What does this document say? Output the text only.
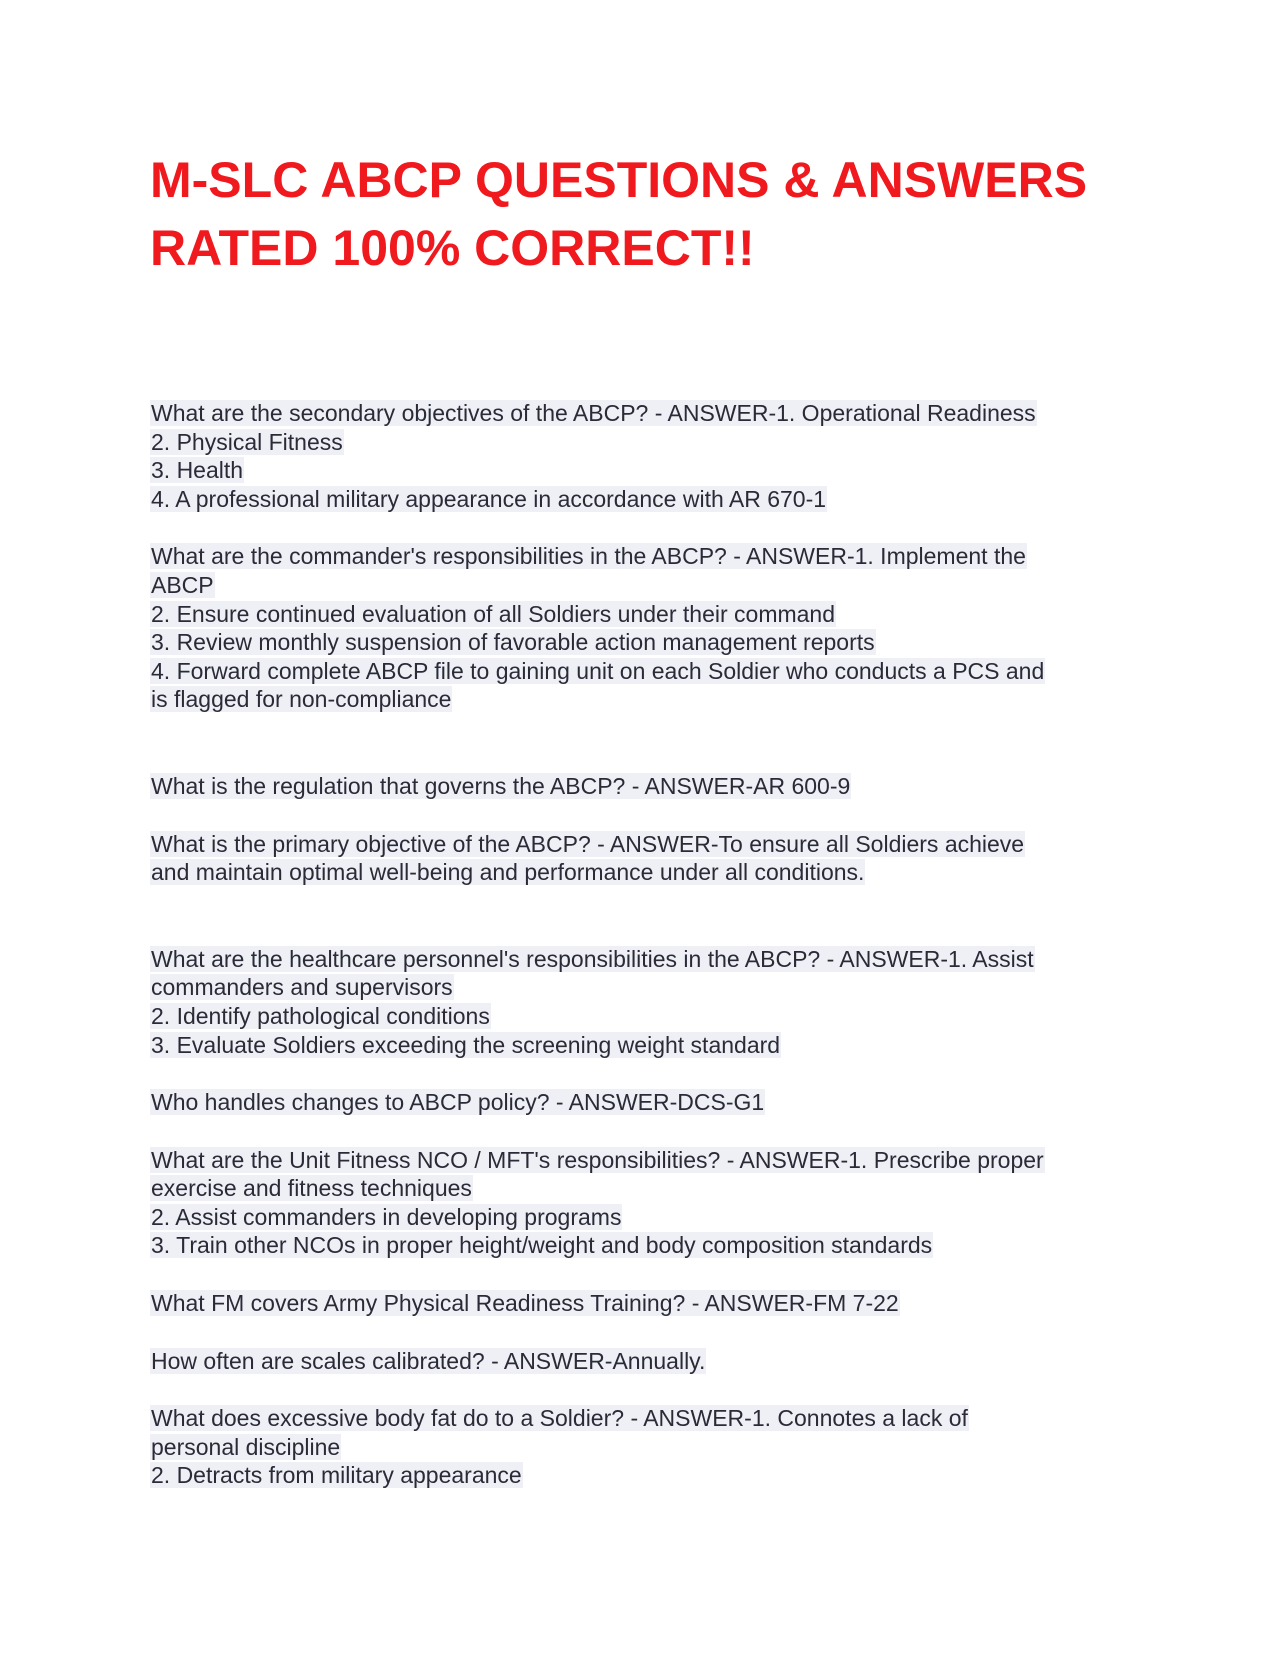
M-SLC ABCP QUESTIONS & ANSWERS
RATED 100% CORRECT!!
What are the secondary objectives of the ABCP? - ANSWER-1. Operational Readiness
2. Physical Fitness
3. Health
4. A professional military appearance in accordance with AR 670-1
What are the commander's responsibilities in the ABCP? - ANSWER-1. Implement the
ABCP
2. Ensure continued evaluation of all Soldiers under their command
3. Review monthly suspension of favorable action management reports
4. Forward complete ABCP file to gaining unit on each Soldier who conducts a PCS and
is flagged for non-compliance
What is the regulation that governs the ABCP? - ANSWER-AR 600-9
What is the primary objective of the ABCP? - ANSWER-To ensure all Soldiers achieve
and maintain optimal well-being and performance under all conditions.
What are the healthcare personnel's responsibilities in the ABCP? - ANSWER-1. Assist
commanders and supervisors
2. Identify pathological conditions
3. Evaluate Soldiers exceeding the screening weight standard
Who handles changes to ABCP policy? - ANSWER-DCS-G1
What are the Unit Fitness NCO / MFT's responsibilities? - ANSWER-1. Prescribe proper
exercise and fitness techniques
2. Assist commanders in developing programs
3. Train other NCOs in proper height/weight and body composition standards
What FM covers Army Physical Readiness Training? - ANSWER-FM 7-22
How often are scales calibrated? - ANSWER-Annually.
What does excessive body fat do to a Soldier? - ANSWER-1. Connotes a lack of
personal discipline
2. Detracts from military appearance
